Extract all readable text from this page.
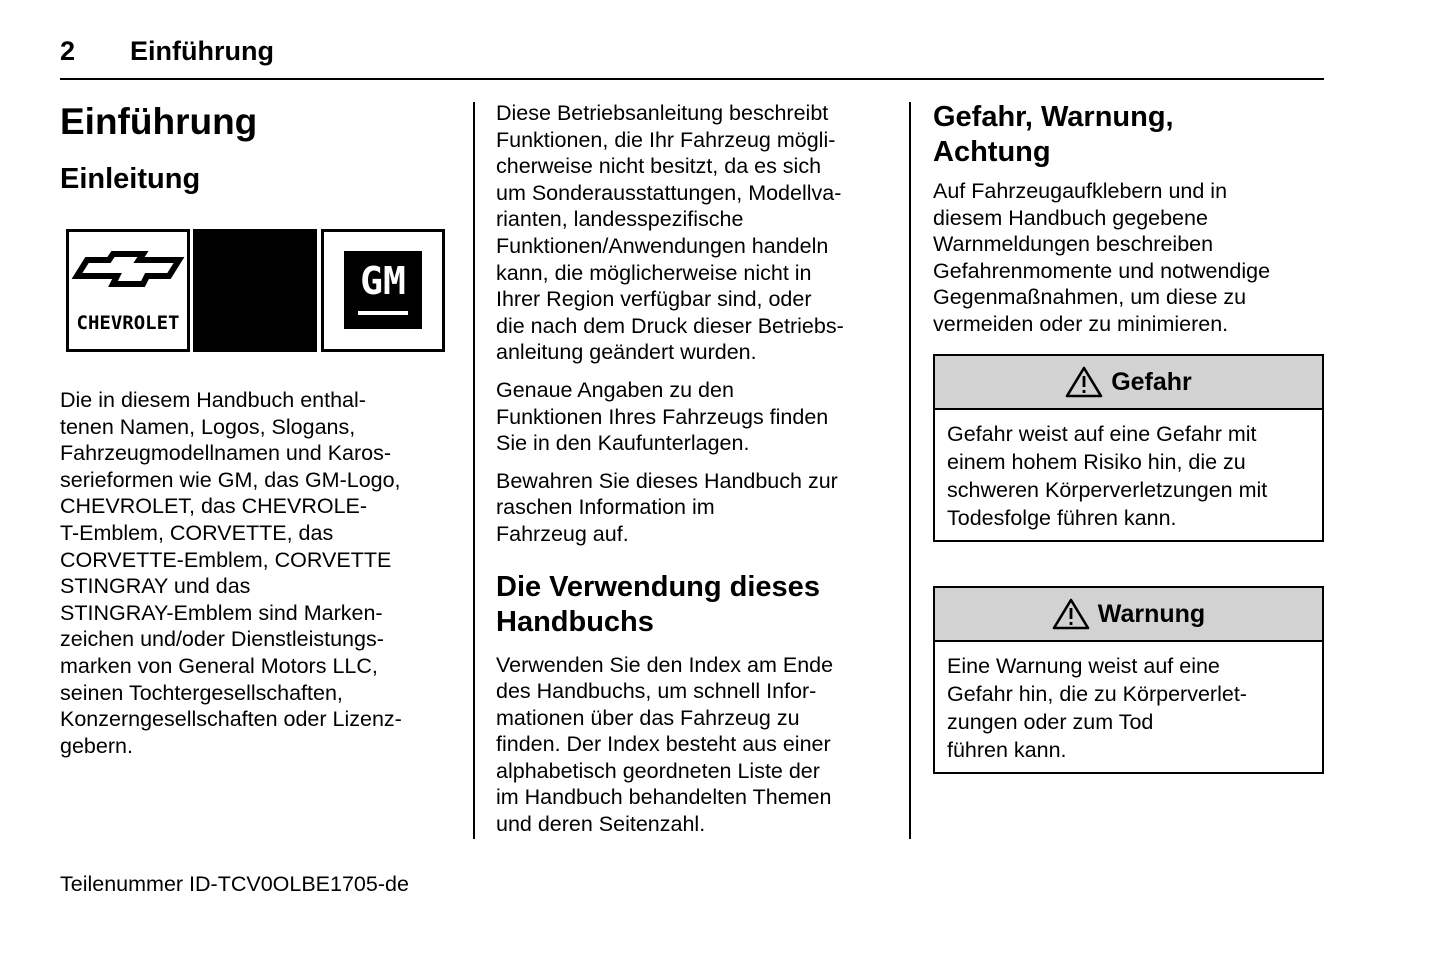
2 Einführung
Einführung
Einleitung
CHEVROLET
GM

Die in diesem Handbuch enthal-
tenen Namen, Logos, Slogans,
Fahrzeugmodellnamen und Karos-
serieformen wie GM, das GM-Logo,
CHEVROLET, das CHEVROLE-
T-Emblem, CORVETTE, das
CORVETTE-Emblem, CORVETTE
STINGRAY und das
STINGRAY-Emblem sind Marken-
zeichen und/oder Dienstleistungs-
marken von General Motors LLC,
seinen Tochtergesellschaften,
Konzerngesellschaften oder Lizenz-
gebern.

Diese Betriebsanleitung beschreibt
Funktionen, die Ihr Fahrzeug mögli-
cherweise nicht besitzt, da es sich
um Sonderausstattungen, Modellva-
rianten, landesspezifische
Funktionen/Anwendungen handeln
kann, die möglicherweise nicht in
Ihrer Region verfügbar sind, oder
die nach dem Druck dieser Betriebs-
anleitung geändert wurden.

Genaue Angaben zu den
Funktionen Ihres Fahrzeugs finden
Sie in den Kaufunterlagen.

Bewahren Sie dieses Handbuch zur
raschen Information im
Fahrzeug auf.

Die Verwendung dieses
Handbuchs

Verwenden Sie den Index am Ende
des Handbuchs, um schnell Infor-
mationen über das Fahrzeug zu
finden. Der Index besteht aus einer
alphabetisch geordneten Liste der
im Handbuch behandelten Themen
und deren Seitenzahl.

Gefahr, Warnung,
Achtung

Auf Fahrzeugaufklebern und in
diesem Handbuch gegebene
Warnmeldungen beschreiben
Gefahrenmomente und notwendige
Gegenmaßnahmen, um diese zu
vermeiden oder zu minimieren.

Gefahr

Gefahr weist auf eine Gefahr mit
einem hohem Risiko hin, die zu
schweren Körperverletzungen mit
Todesfolge führen kann.

Warnung

Eine Warnung weist auf eine
Gefahr hin, die zu Körperverlet-
zungen oder zum Tod
führen kann.

Teilenummer ID-TCV0OLBE1705-de
